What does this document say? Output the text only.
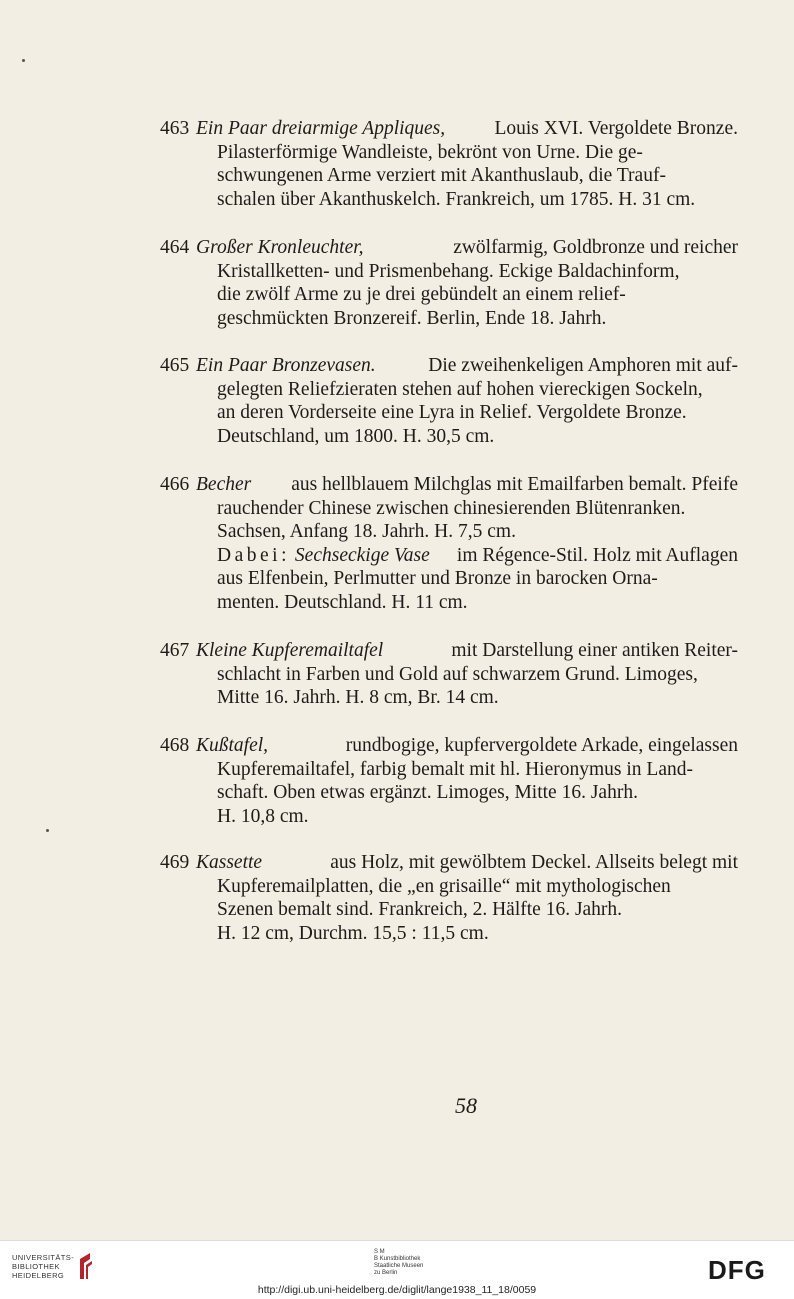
463 Ein Paar dreiarmige Appliques,	Louis XVI. Vergoldete Bronze.
Pilasterförmige Wandleiste, bekrönt von Urne. Die ge-
schwungenen Arme verziert mit Akanthuslaub, die Trauf-
schalen über Akanthuskelch. Frankreich, um 1785. H. 31 cm.
464 Großer Kronleuchter,	zwölfarmig, Goldbronze und reicher
Kristallketten- und Prismenbehang. Eckige Baldachinform,
die zwölf Arme zu je drei gebündelt an einem relief-
geschmückten Bronzereif. Berlin, Ende 18. Jahrh.
465 Ein Paar Bronzevasen.	Die zweihenkeligen Amphoren mit auf-
gelegten Reliefzieraten stehen auf hohen viereckigen Sockeln,
an deren Vorderseite eine Lyra in Relief. Vergoldete Bronze.
Deutschland, um 1800. H. 30,5 cm.
466 Becher aus hellblauem Milchglas mit Emailfarben bemalt. Pfeife
rauchender Chinese zwischen chinesierenden Blütenranken.
Sachsen, Anfang 18. Jahrh. H. 7,5 cm.
Dabei: Sechseckige Vase im Régence-Stil. Holz mit Auflagen
aus Elfenbein, Perlmutter und Bronze in barocken Orna-
menten. Deutschland. H. 11 cm.
467 Kleine Kupferemailtafel	mit Darstellung einer antiken Reiter-
schlacht in Farben und Gold auf schwarzem Grund. Limoges,
Mitte 16. Jahrh. H. 8 cm, Br. 14 cm.
468 Kußtafel,	rundbogige, kupfervergoldete Arkade, eingelassen
Kupferemailtafel, farbig bemalt mit hl. Hieronymus in Land-
schaft. Oben etwas ergänzt. Limoges, Mitte 16. Jahrh.
H. 10,8 cm.
469 Kassette	aus Holz, mit gewölbtem Deckel. Allseits belegt mit
Kupferemailplatten, die „en grisaille“ mit mythologischen
Szenen bemalt sind. Frankreich, 2. Hälfte 16. Jahrh.
H. 12 cm, Durchm. 15,5 : 11,5 cm.
58
UNIVERSITÄTS-
BIBLIOTHEK
HEIDELBERG
S M
B Kunstbibliothek
Staatliche Museen
zu Berlin	DFG
http://digi.ub.uni-heidelberg.de/diglit/lange1938_11_18/0059
